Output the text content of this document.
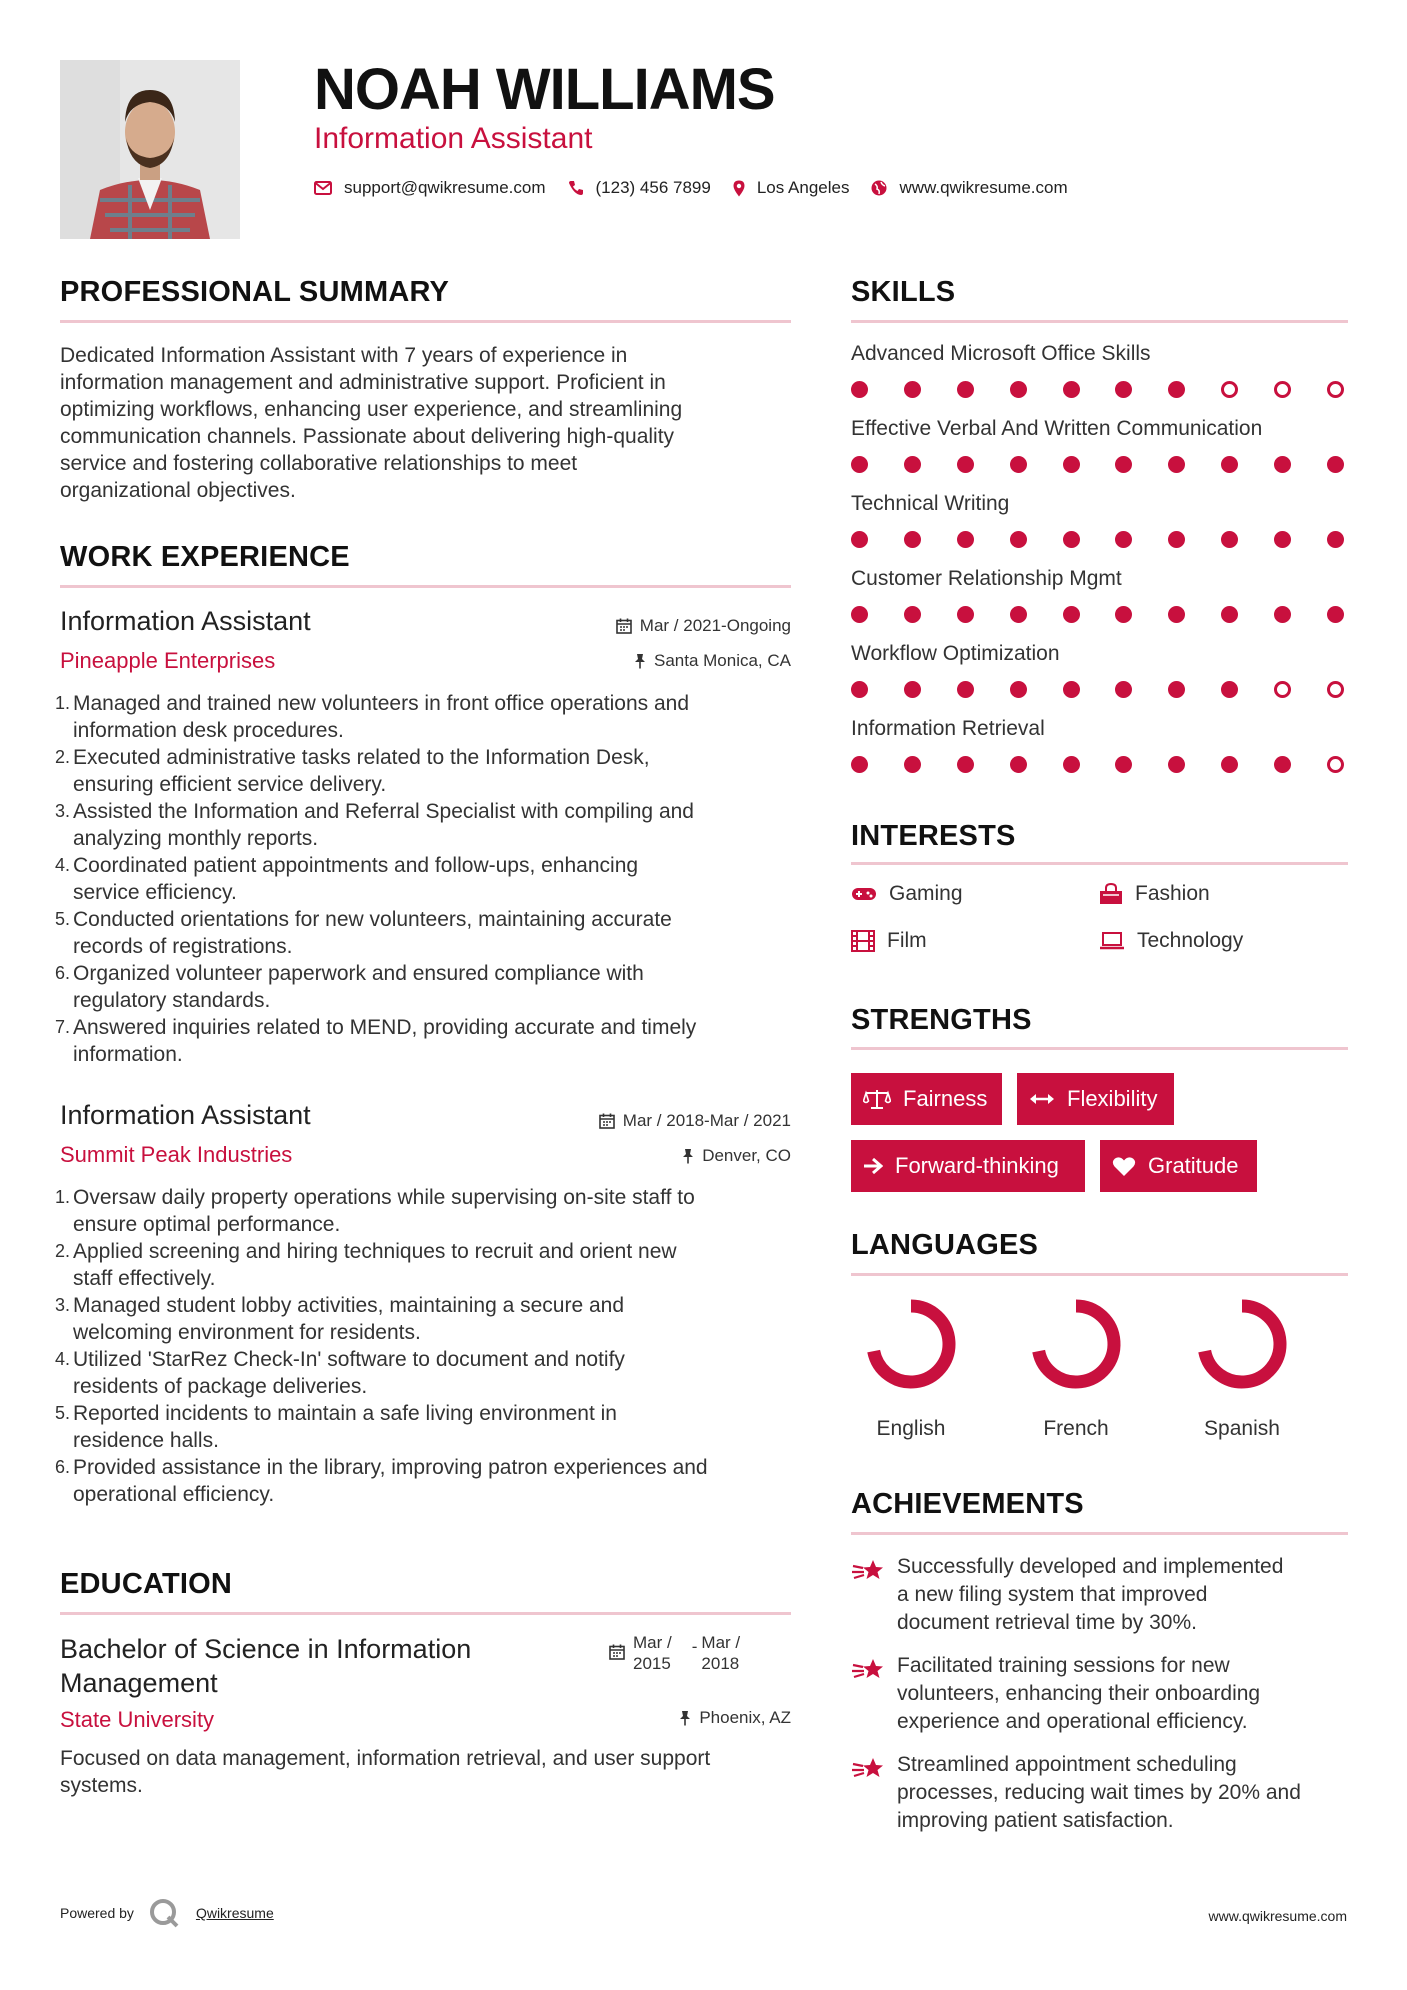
NOAH WILLIAMS
Information Assistant
support@qwikresume.com	(123) 456 7899	Los Angeles	www.qwikresume.com
PROFESSIONAL SUMMARY
Dedicated Information Assistant with 7 years of experience in
information management and administrative support. Proficient in
optimizing workflows, enhancing user experience, and streamlining
communication channels. Passionate about delivering high-quality
service and fostering collaborative relationships to meet
organizational objectives.
WORK EXPERIENCE
Information Assistant	Mar / 2021-Ongoing
Pineapple Enterprises	Santa Monica, CA
1. Managed and trained new volunteers in front office operations and
information desk procedures.
2. Executed administrative tasks related to the Information Desk,
ensuring efficient service delivery.
3. Assisted the Information and Referral Specialist with compiling and
analyzing monthly reports.
4. Coordinated patient appointments and follow-ups, enhancing
service efficiency.
5. Conducted orientations for new volunteers, maintaining accurate
records of registrations.
6. Organized volunteer paperwork and ensured compliance with
regulatory standards.
7. Answered inquiries related to MEND, providing accurate and timely
information.
Information Assistant	Mar / 2018-Mar / 2021
Summit Peak Industries	Denver, CO
1. Oversaw daily property operations while supervising on-site staff to
ensure optimal performance.
2. Applied screening and hiring techniques to recruit and orient new
staff effectively.
3. Managed student lobby activities, maintaining a secure and
welcoming environment for residents.
4. Utilized 'StarRez Check-In' software to document and notify
residents of package deliveries.
5. Reported incidents to maintain a safe living environment in
residence halls.
6. Provided assistance in the library, improving patron experiences and
operational efficiency.
EDUCATION
Bachelor of Science in Information
Management
Mar /
2015
- Mar /
2018
State University	Phoenix, AZ
Focused on data management, information retrieval, and user support
systems.
SKILLS
Advanced Microsoft Office Skills
Effective Verbal And Written Communication
Technical Writing
Customer Relationship Mgmt
Workflow Optimization
Information Retrieval
INTERESTS
Gaming	Fashion
Film	Technology
STRENGTHS
Fairness	Flexibility
Forward-thinking	Gratitude
LANGUAGES
English	French	Spanish
ACHIEVEMENTS
Successfully developed and implemented
a new filing system that improved
document retrieval time by 30%.
Facilitated training sessions for new
volunteers, enhancing their onboarding
experience and operational efficiency.
Streamlined appointment scheduling
processes, reducing wait times by 20% and
improving patient satisfaction.
Powered by	Qwikresume	www.qwikresume.com
